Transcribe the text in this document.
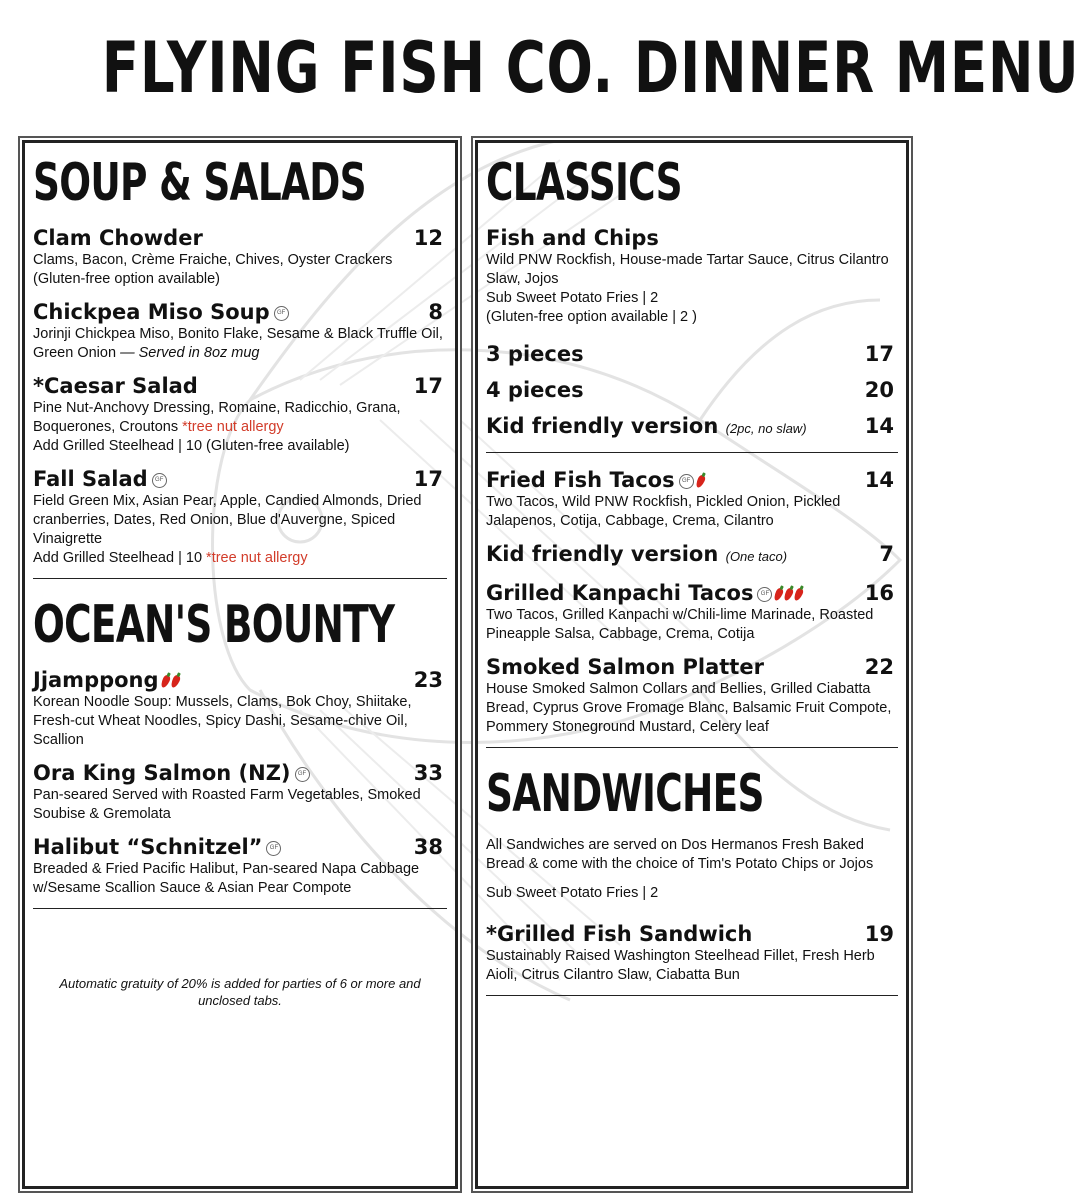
FLYING FISH CO. DINNER MENU
SOUP & SALADS
Clam Chowder	12
Clams, Bacon, Crème Fraiche, Chives, Oyster Crackers (Gluten-free option available)
Chickpea Miso Soup GF	8
Jorinji Chickpea Miso, Bonito Flake, Sesame & Black Truffle Oil, Green Onion — Served in 8oz mug
*Caesar Salad	17
Pine Nut-Anchovy Dressing, Romaine, Radicchio, Grana, Boquerones, Croutons *tree nut allergy
Add Grilled Steelhead | 10 (Gluten-free available)
Fall Salad GF	17
Field Green Mix, Asian Pear, Apple, Candied Almonds, Dried cranberries, Dates, Red Onion, Blue d'Auvergne, Spiced Vinaigrette
Add Grilled Steelhead | 10 *tree nut allergy
OCEAN'S BOUNTY
Jjamppong	23
Korean Noodle Soup: Mussels, Clams, Bok Choy, Shiitake, Fresh-cut Wheat Noodles, Spicy Dashi, Sesame-chive Oil, Scallion
Ora King Salmon (NZ) GF	33
Pan-seared Served with Roasted Farm Vegetables, Smoked Soubise & Gremolata
Halibut “Schnitzel” GF	38
Breaded & Fried Pacific Halibut, Pan-seared Napa Cabbage w/Sesame Scallion Sauce & Asian Pear Compote
Automatic gratuity of 20% is added for parties of 6 or more and unclosed tabs.
CLASSICS
Fish and Chips
Wild PNW Rockfish, House-made Tartar Sauce, Citrus Cilantro Slaw, Jojos
Sub Sweet Potato Fries | 2
(Gluten-free option available | 2 )
3 pieces	17
4 pieces	20
Kid friendly version (2pc, no slaw)	14
Fried Fish Tacos GF	14
Two Tacos, Wild PNW Rockfish, Pickled Onion, Pickled Jalapenos, Cotija, Cabbage, Crema, Cilantro
Kid friendly version (One taco)	7
Grilled Kanpachi Tacos GF	16
Two Tacos, Grilled Kanpachi w/Chili-lime Marinade, Roasted Pineapple Salsa, Cabbage, Crema, Cotija
Smoked Salmon Platter	22
House Smoked Salmon Collars and Bellies, Grilled Ciabatta Bread, Cyprus Grove Fromage Blanc, Balsamic Fruit Compote, Pommery Stoneground Mustard, Celery leaf
SANDWICHES
All Sandwiches are served on Dos Hermanos Fresh Baked Bread & come with the choice of Tim's Potato Chips or Jojos
Sub Sweet Potato Fries | 2
*Grilled Fish Sandwich	19
Sustainably Raised Washington Steelhead Fillet, Fresh Herb Aioli, Citrus Cilantro Slaw, Ciabatta Bun
